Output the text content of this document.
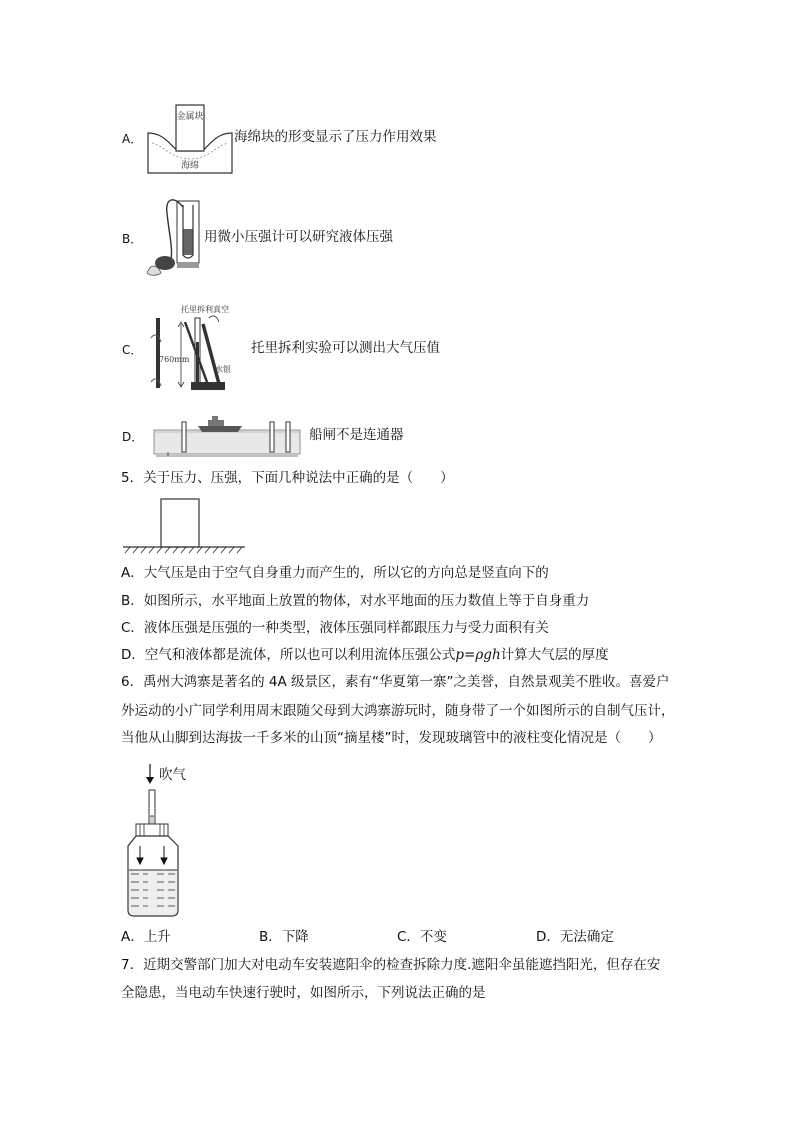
A．
金属块
海绵
海绵块的形变显示了压力作用效果
B．	用微小压强计可以研究液体压强
C．
托里拆利真空
760mm
水银
托里拆利实验可以测出大气压值
D．	船闸不是连通器
5．关于压力、压强，下面几种说法中正确的是（　　）
A．大气压是由于空气自身重力而产生的，所以它的方向总是竖直向下的
B．如图所示，水平地面上放置的物体，对水平地面的压力数值上等于自身重力
C．液体压强是压强的一种类型，液体压强同样都跟压力与受力面积有关
D．空气和液体都是流体，所以也可以利用流体压强公式p=ρgh计算大气层的厚度
6．禹州大鸿寨是著名的 4A 级景区，素有“华夏第一寨”之美誉，自然景观美不胜收。喜爱户
外运动的小广同学利用周末跟随父母到大鸿寨游玩时，随身带了一个如图所示的自制气压计，
当他从山脚到达海拔一千多米的山顶“摘星楼”时，发现玻璃管中的液柱变化情况是（　　）
吹气
A．上升	B．下降	C．不变	D．无法确定
7．近期交警部门加大对电动车安装遮阳伞的检查拆除力度.遮阳伞虽能遮挡阳光，但存在安
全隐患，当电动车快速行驶时，如图所示，下列说法正确的是
